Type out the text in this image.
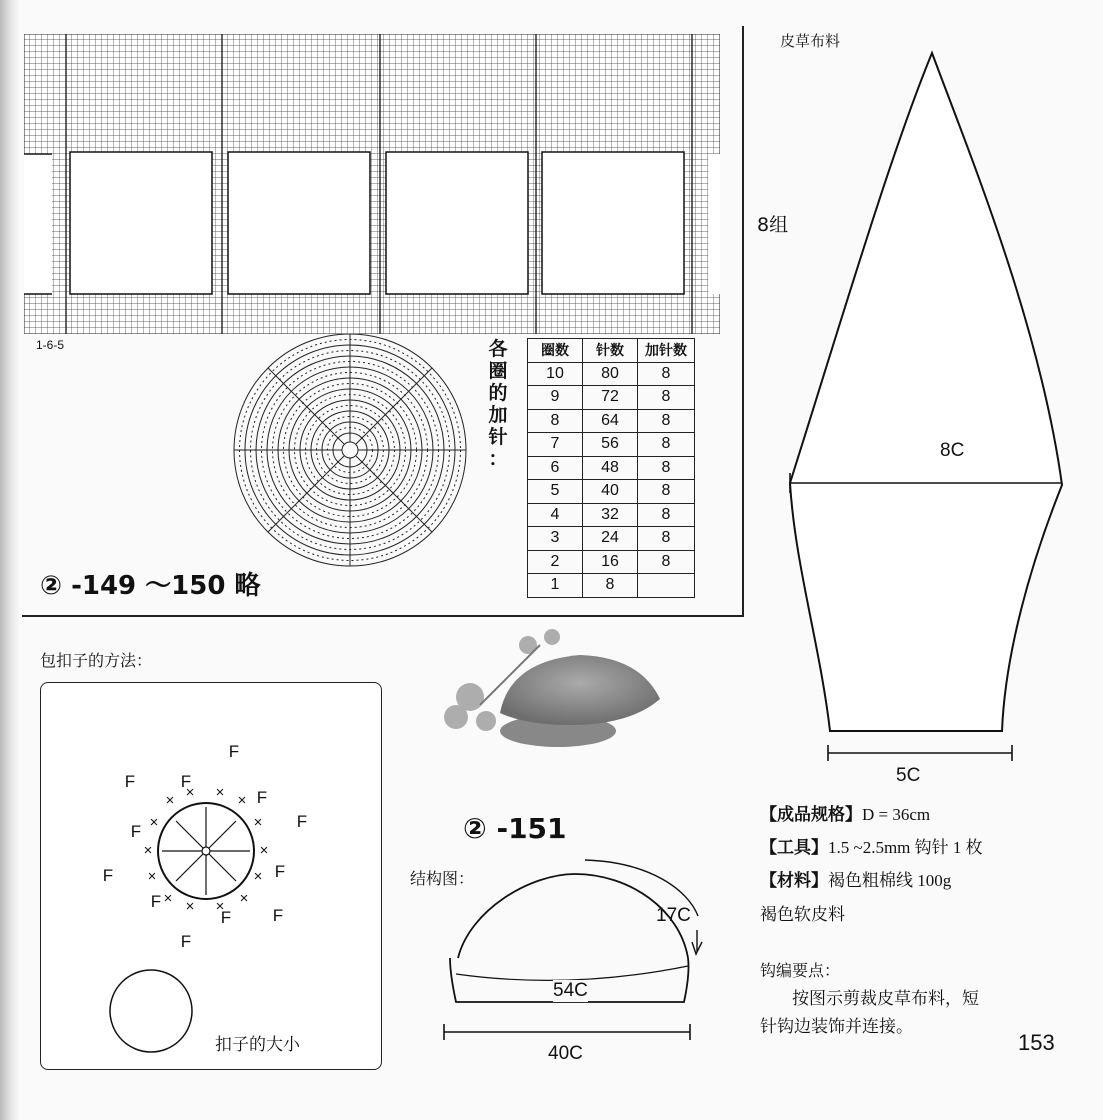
1-6-5
② -149 ～150 略
各
圈
的
加
针
：
圈数	针数	加针数
10	80	8
9	72	8
8	64	8
7	56	8
6	48	8
5	40	8
4	32	8
3	24	8
2	16	8
1	8	
皮草布料
8组
8C
5C
包扣子的方法：
× × × ×
×
×
×
×
×
×
×
×
×
×
F
F
F
F
F
F
F
F
F
F F
F
扣子的大小
② -151
结构图：
17C
54C
40C
【成品规格】D = 36cm
【工具】1.5 ~2.5mm 钩针 1 枚
【材料】褐色粗棉线 100g
褐色软皮料
钩编要点：
按图示剪裁皮草布料，短
针钩边装饰并连接。
153
